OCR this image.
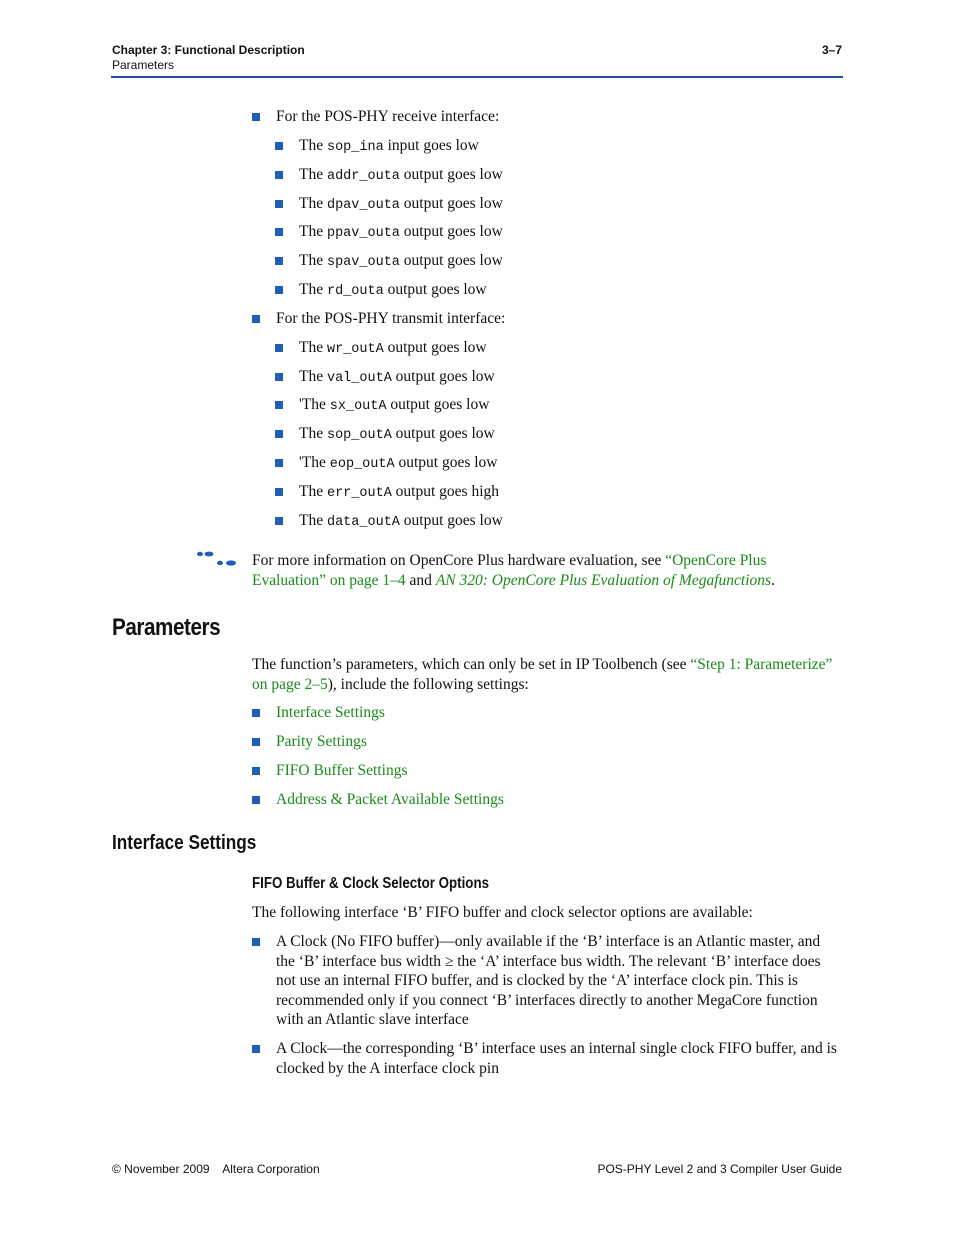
Chapter 3: Functional Description
Parameters
3–7
For the POS-PHY receive interface:
The sop_ina input goes low
The addr_outa output goes low
The dpav_outa output goes low
The ppav_outa output goes low
The spav_outa output goes low
The rd_outa output goes low
For the POS-PHY transmit interface:
The wr_outA output goes low
The val_outA output goes low
'The sx_outA output goes low
The sop_outA output goes low
'The eop_outA output goes low
The err_outA output goes high
The data_outA output goes low
For more information on OpenCore Plus hardware evaluation, see “OpenCore Plus Evaluation” on page 1–4 and AN 320: OpenCore Plus Evaluation of Megafunctions.
Parameters
The function’s parameters, which can only be set in IP Toolbench (see “Step 1: Parameterize” on page 2–5), include the following settings:
Interface Settings
Parity Settings
FIFO Buffer Settings
Address & Packet Available Settings
Interface Settings
FIFO Buffer & Clock Selector Options
The following interface ‘B’ FIFO buffer and clock selector options are available:
A Clock (No FIFO buffer)—only available if the ‘B’ interface is an Atlantic master, and the ‘B’ interface bus width ≥ the ‘A’ interface bus width. The relevant ‘B’ interface does not use an internal FIFO buffer, and is clocked by the ‘A’ interface clock pin. This is recommended only if you connect ‘B’ interfaces directly to another MegaCore function with an Atlantic slave interface
A Clock—the corresponding ‘B’ interface uses an internal single clock FIFO buffer, and is clocked by the A interface clock pin
© November 2009    Altera Corporation	POS-PHY Level 2 and 3 Compiler User Guide
